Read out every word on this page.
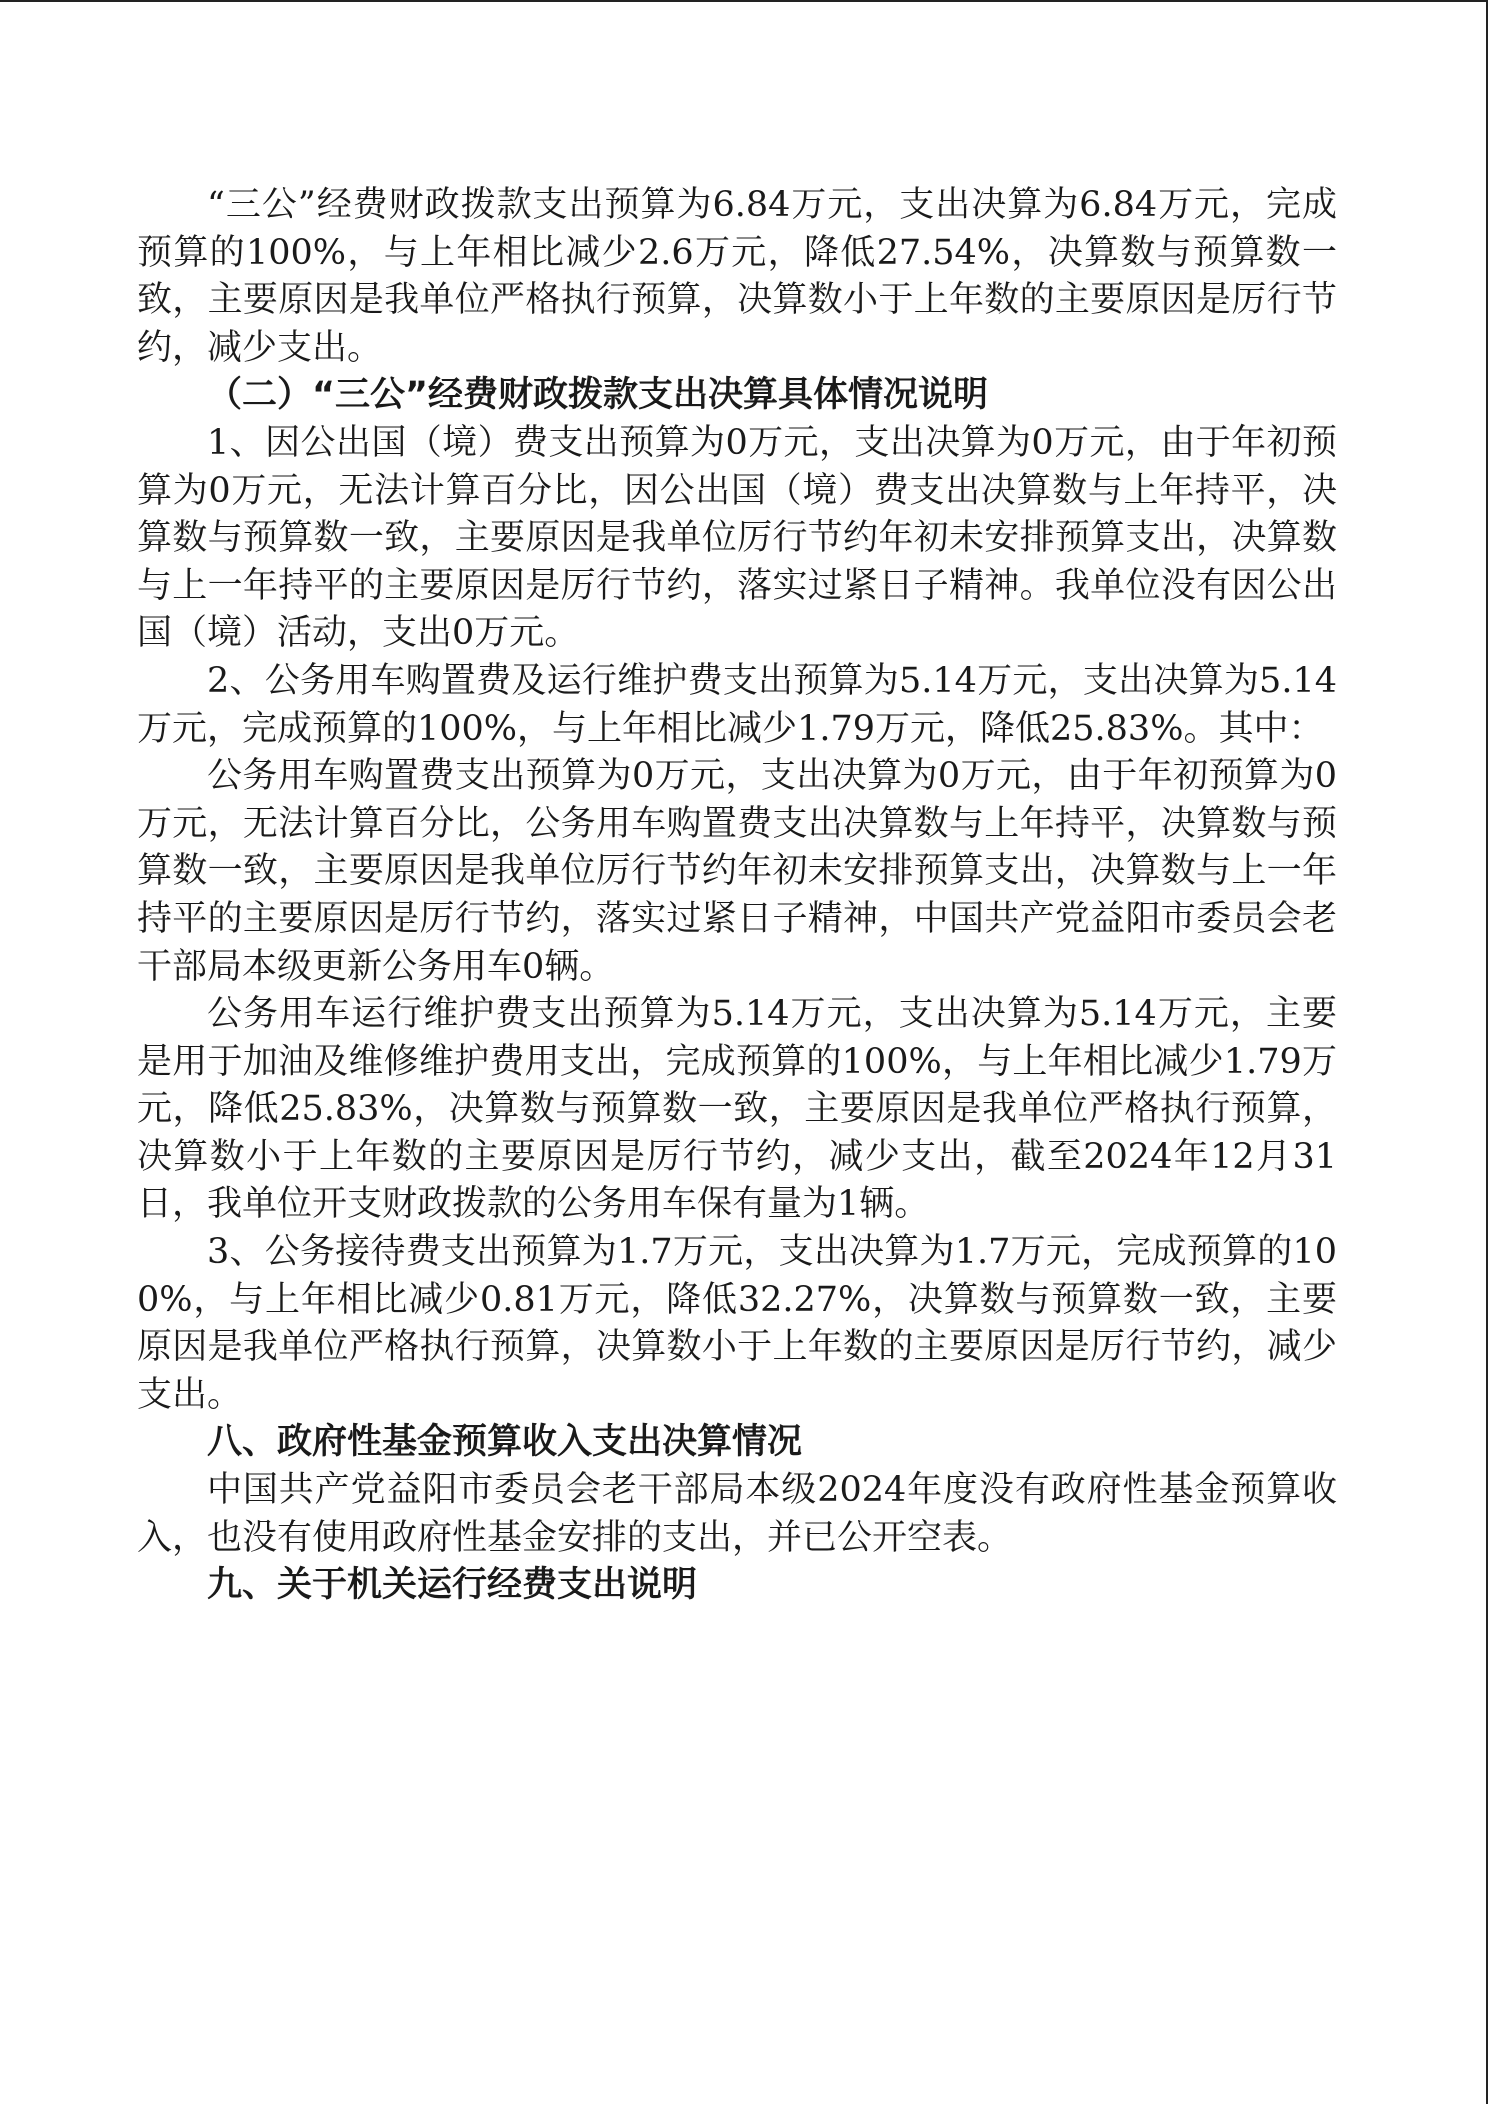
“三公”经费财政拨款支出预算为6.84万元，支出决算为6.84万元，完成预算的100%，与上年相比减少2.6万元，降低27.54%，决算数与预算数一致，主要原因是我单位严格执行预算，决算数小于上年数的主要原因是厉行节约，减少支出。

（二）“三公”经费财政拨款支出决算具体情况说明

1、因公出国（境）费支出预算为0万元，支出决算为0万元，由于年初预算为0万元，无法计算百分比，因公出国（境）费支出决算数与上年持平，决算数与预算数一致，主要原因是我单位厉行节约年初未安排预算支出，决算数与上一年持平的主要原因是厉行节约，落实过紧日子精神。我单位没有因公出国（境）活动，支出0万元。

2、公务用车购置费及运行维护费支出预算为5.14万元，支出决算为5.14万元，完成预算的100%，与上年相比减少1.79万元，降低25.83%。其中：

公务用车购置费支出预算为0万元，支出决算为0万元，由于年初预算为0万元，无法计算百分比，公务用车购置费支出决算数与上年持平，决算数与预算数一致，主要原因是我单位厉行节约年初未安排预算支出，决算数与上一年持平的主要原因是厉行节约，落实过紧日子精神，中国共产党益阳市委员会老干部局本级更新公务用车0辆。

公务用车运行维护费支出预算为5.14万元，支出决算为5.14万元，主要是用于加油及维修维护费用支出，完成预算的100%，与上年相比减少1.79万元，降低25.83%，决算数与预算数一致，主要原因是我单位严格执行预算，决算数小于上年数的主要原因是厉行节约，减少支出，截至2024年12月31日，我单位开支财政拨款的公务用车保有量为1辆。

3、公务接待费支出预算为1.7万元，支出决算为1.7万元，完成预算的100%，与上年相比减少0.81万元，降低32.27%，决算数与预算数一致，主要原因是我单位严格执行预算，决算数小于上年数的主要原因是厉行节约，减少支出。

八、政府性基金预算收入支出决算情况

中国共产党益阳市委员会老干部局本级2024年度没有政府性基金预算收入，也没有使用政府性基金安排的支出，并已公开空表。

九、关于机关运行经费支出说明
